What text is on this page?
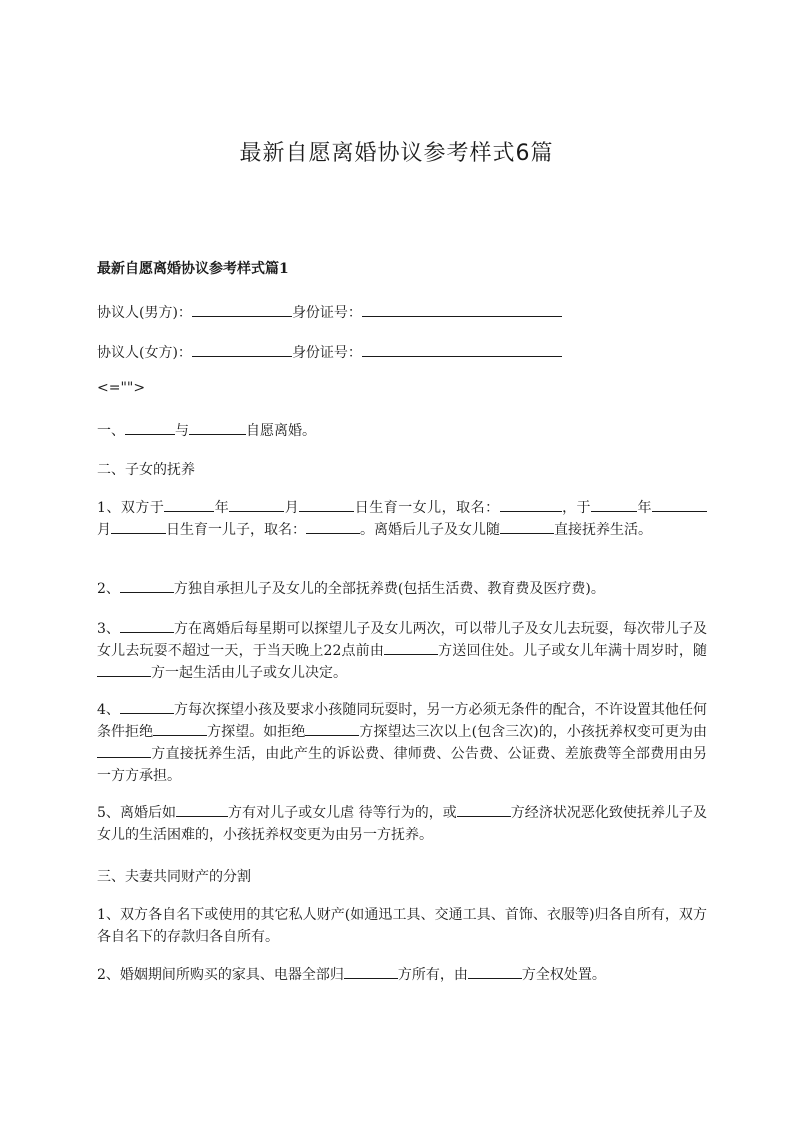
最新自愿离婚协议参考样式6篇
最新自愿离婚协议参考样式篇1

协议人(男方)：	身份证号：

协议人(女方)：	身份证号：

<="">

一、	与	自愿离婚。

二、子女的抚养

1、双方于	年	月	日生育一女儿，取名：	，于	年月	日生育一儿子，取名：	。离婚后儿子及女儿随	直接抚养生活。

2、	方独自承担儿子及女儿的全部抚养费(包括生活费、教育费及医疗费)。

3、	方在离婚后每星期可以探望儿子及女儿两次，可以带儿子及女儿去玩耍，每次带儿子及女儿去玩耍不超过一天，于当天晚上22点前由	方送回住处。儿子或女儿年满十周岁时，随方一起生活由儿子或女儿决定。

4、	方每次探望小孩及要求小孩随同玩耍时，另一方必须无条件的配合，不许设置其他任何条件拒绝	方探望。如拒绝	方探望达三次以上(包含三次)的，小孩抚养权变可更为由方直接抚养生活，由此产生的诉讼费、律师费、公告费、公证费、差旅费等全部费用由另一方方承担。

5、离婚后如	方有对儿子或女儿虐 待等行为的，或	方经济状况恶化致使抚养儿子及女儿的生活困难的，小孩抚养权变更为由另一方抚养。

三、夫妻共同财产的分割

1、双方各自名下或使用的其它私人财产(如通迅工具、交通工具、首饰、衣服等)归各自所有，双方各自名下的存款归各自所有。

2、婚姻期间所购买的家具、电器全部归	方所有，由	方全权处置。
